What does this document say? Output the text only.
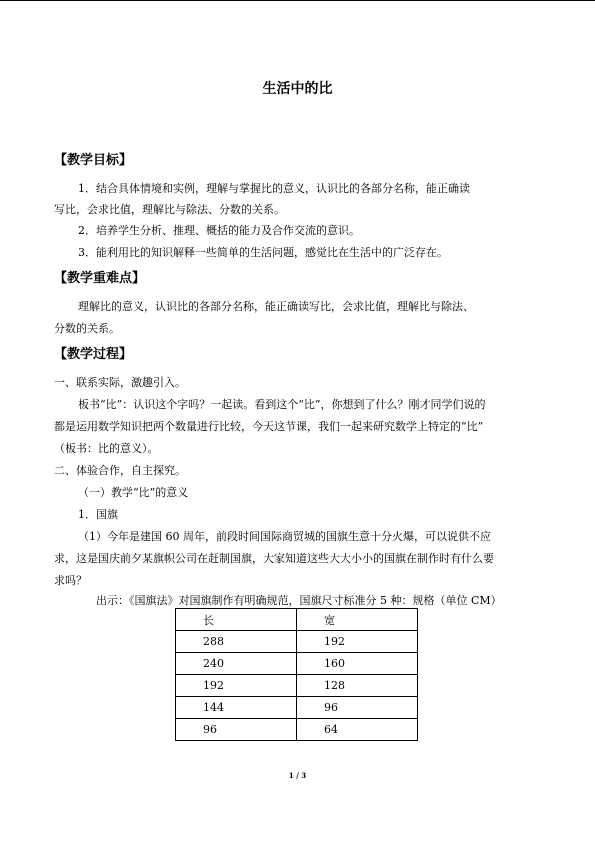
生活中的比
【教学目标】
1．结合具体情境和实例，理解与掌握比的意义，认识比的各部分名称，能正确读
写比，会求比值，理解比与除法、分数的关系。
2．培养学生分析、推理、概括的能力及合作交流的意识。
3．能利用比的知识解释一些简单的生活问题，感觉比在生活中的广泛存在。
【教学重难点】
理解比的意义，认识比的各部分名称，能正确读写比，会求比值，理解比与除法、
分数的关系。
【教学过程】
一、联系实际，激趣引入。
板书“比”：认识这个字吗？一起读。看到这个“比”，你想到了什么？刚才同学们说的
都是运用数学知识把两个数量进行比较，今天这节课，我们一起来研究数学上特定的“比”
（板书：比的意义）。
二、体验合作，自主探究。
（一）教学“比”的意义
1．国旗
（1）今年是建国 60 周年，前段时间国际商贸城的国旗生意十分火爆，可以说供不应
求，这是国庆前夕某旗帜公司在赶制国旗，大家知道这些大大小小的国旗在制作时有什么要
求吗？
出示：《国旗法》对国旗制作有明确规范，国旗尺寸标准分 5 种：规格（单位 CM）
长	宽
288	192
240	160
192	128
144	96
96	64
1 / 3
